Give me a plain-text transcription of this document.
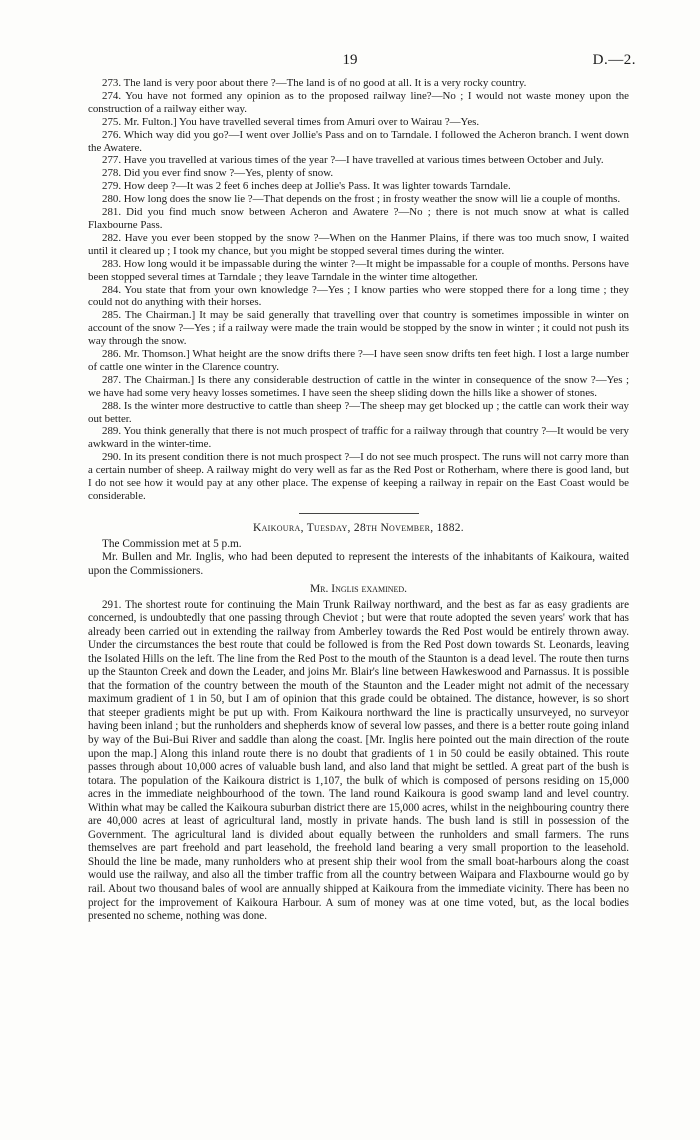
19	D.—2.

273. The land is very poor about there ?—The land is of no good at all. It is a very rocky country.

274. You have not formed any opinion as to the proposed railway line?—No ; I would not waste money upon the construction of a railway either way.

275. Mr. Fulton.] You have travelled several times from Amuri over to Wairau ?—Yes.

276. Which way did you go?—I went over Jollie's Pass and on to Tarndale. I followed the Acheron branch. I went down the Awatere.

277. Have you travelled at various times of the year ?—I have travelled at various times between October and July.

278. Did you ever find snow ?—Yes, plenty of snow.

279. How deep ?—It was 2 feet 6 inches deep at Jollie's Pass. It was lighter towards Tarndale.

280. How long does the snow lie ?—That depends on the frost ; in frosty weather the snow will lie a couple of months.

281. Did you find much snow between Acheron and Awatere ?—No ; there is not much snow at what is called Flaxbourne Pass.

282. Have you ever been stopped by the snow ?—When on the Hanmer Plains, if there was too much snow, I waited until it cleared up ; I took my chance, but you might be stopped several times during the winter.

283. How long would it be impassable during the winter ?—It might be impassable for a couple of months. Persons have been stopped several times at Tarndale ; they leave Tarndale in the winter time altogether.

284. You state that from your own knowledge ?—Yes ; I know parties who were stopped there for a long time ; they could not do anything with their horses.

285. The Chairman.] It may be said generally that travelling over that country is sometimes impossible in winter on account of the snow ?—Yes ; if a railway were made the train would be stopped by the snow in winter ; it could not push its way through the snow.

286. Mr. Thomson.] What height are the snow drifts there ?—I have seen snow drifts ten feet high. I lost a large number of cattle one winter in the Clarence country.

287. The Chairman.] Is there any considerable destruction of cattle in the winter in consequence of the snow ?—Yes ; we have had some very heavy losses sometimes. I have seen the sheep sliding down the hills like a shower of stones.

288. Is the winter more destructive to cattle than sheep ?—The sheep may get blocked up ; the cattle can work their way out better.

289. You think generally that there is not much prospect of traffic for a railway through that country ?—It would be very awkward in the winter-time.

290. In its present condition there is not much prospect ?—I do not see much prospect. The runs will not carry more than a certain number of sheep. A railway might do very well as far as the Red Post or Rotherham, where there is good land, but I do not see how it would pay at any other place. The expense of keeping a railway in repair on the East Coast would be considerable.

Kaikoura, Tuesday, 28th November, 1882.

The Commission met at 5 p.m.

Mr. Bullen and Mr. Inglis, who had been deputed to represent the interests of the inhabitants of Kaikoura, waited upon the Commissioners.

Mr. Inglis examined.

291. The shortest route for continuing the Main Trunk Railway northward, and the best as far as easy gradients are concerned, is undoubtedly that one passing through Cheviot ; but were that route adopted the seven years' work that has already been carried out in extending the railway from Amberley towards the Red Post would be entirely thrown away. Under the circumstances the best route that could be followed is from the Red Post down towards St. Leonards, leaving the Isolated Hills on the left. The line from the Red Post to the mouth of the Staunton is a dead level. The route then turns up the Staunton Creek and down the Leader, and joins Mr. Blair's line between Hawkeswood and Parnassus. It is possible that the formation of the country between the mouth of the Staunton and the Leader might not admit of the necessary maximum gradient of 1 in 50, but I am of opinion that this grade could be obtained. The distance, however, is so short that steeper gradients might be put up with. From Kaikoura northward the line is practically unsurveyed, no surveyor having been inland ; but the runholders and shepherds know of several low passes, and there is a better route going inland by way of the Bui-Bui River and saddle than along the coast. [Mr. Inglis here pointed out the main direction of the route upon the map.] Along this inland route there is no doubt that gradients of 1 in 50 could be easily obtained. This route passes through about 10,000 acres of valuable bush land, and also land that might be settled. A great part of the bush is totara. The population of the Kaikoura district is 1,107, the bulk of which is composed of persons residing on 15,000 acres in the immediate neighbourhood of the town. The land round Kaikoura is good swamp land and level country. Within what may be called the Kaikoura suburban district there are 15,000 acres, whilst in the neighbouring country there are 40,000 acres at least of agricultural land, mostly in private hands. The bush land is still in possession of the Government. The agricultural land is divided about equally between the runholders and small farmers. The runs themselves are part freehold and part leasehold, the freehold land bearing a very small proportion to the leasehold. Should the line be made, many runholders who at present ship their wool from the small boat-harbours along the coast would use the railway, and also all the timber traffic from all the country between Waipara and Flaxbourne would go by rail. About two thousand bales of wool are annually shipped at Kaikoura from the immediate vicinity. There has been no project for the improvement of Kaikoura Harbour. A sum of money was at one time voted, but, as the local bodies presented no scheme, nothing was done.
